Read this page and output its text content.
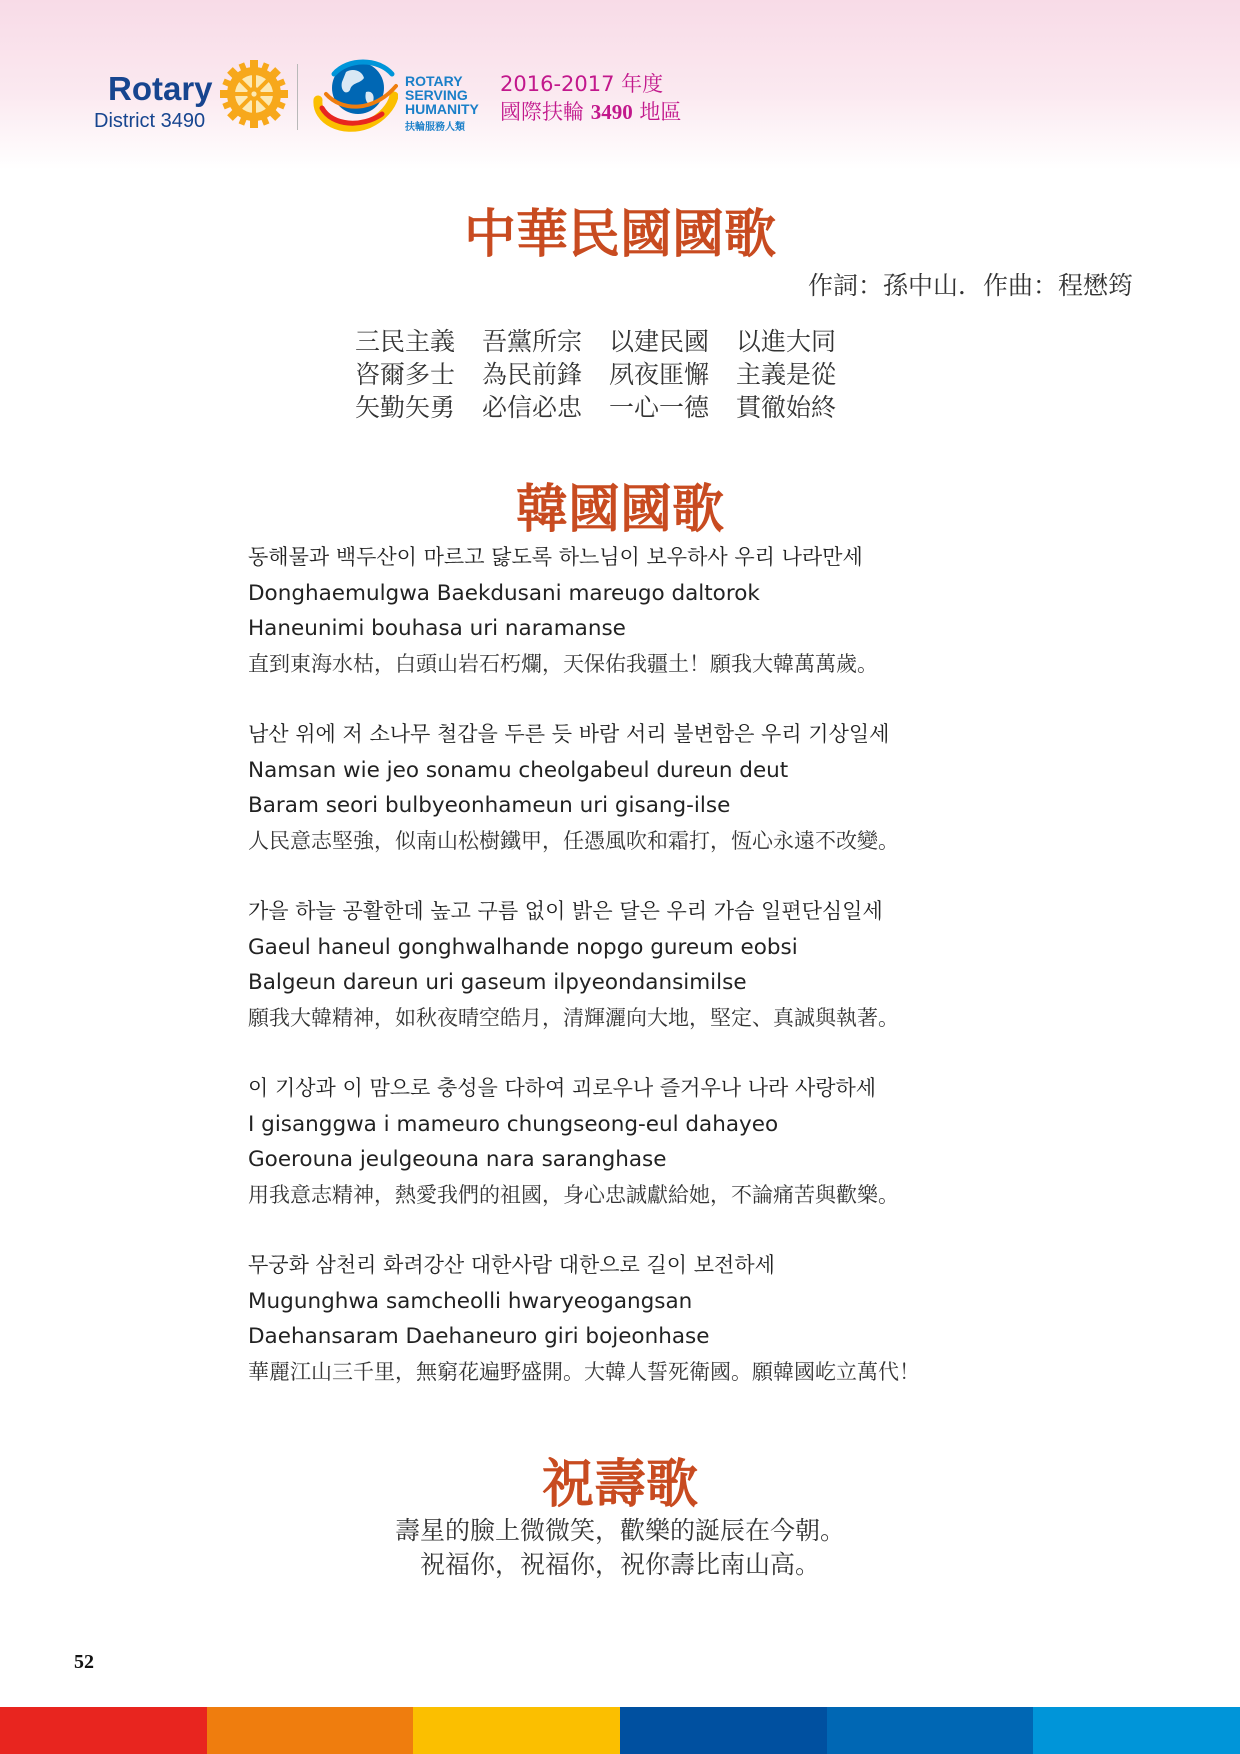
Rotary
District 3490
ROTARY
SERVING
HUMANITY
扶輪服務人類
2016-2017 年度
國際扶輪 3490 地區
中華民國國歌
作詞：孫中山．作曲：程懋筠
三民主義 吾黨所宗 以建民國 以進大同
咨爾多士 為民前鋒 夙夜匪懈 主義是從
矢勤矢勇 必信必忠 一心一德 貫徹始終
韓國國歌
동해물과 백두산이 마르고 닳도록 하느님이 보우하사 우리 나라만세
Donghaemulgwa Baekdusani mareugo daltorok
Haneunimi bouhasa uri naramanse
直到東海水枯，白頭山岩石朽爛，天保佑我疆土！願我大韓萬萬歲。
남산 위에 저 소나무 철갑을 두른 듯 바람 서리 불변함은 우리 기상일세
Namsan wie jeo sonamu cheolgabeul dureun deut
Baram seori bulbyeonhameun uri gisang-ilse
人民意志堅強，似南山松樹鐵甲，任憑風吹和霜打，恆心永遠不改變。
가을 하늘 공활한데 높고 구름 없이 밝은 달은 우리 가슴 일편단심일세
Gaeul haneul gonghwalhande nopgo gureum eobsi
Balgeun dareun uri gaseum ilpyeondansimilse
願我大韓精神，如秋夜晴空皓月，清輝灑向大地，堅定、真誠與執著。
이 기상과 이 맘으로 충성을 다하여 괴로우나 즐거우나 나라 사랑하세
I gisanggwa i mameuro chungseong-eul dahayeo
Goerouna jeulgeouna nara saranghase
用我意志精神，熱愛我們的祖國，身心忠誠獻給她，不論痛苦與歡樂。
무궁화 삼천리 화려강산 대한사람 대한으로 길이 보전하세
Mugunghwa samcheolli hwaryeogangsan
Daehansaram Daehaneuro giri bojeonhase
華麗江山三千里，無窮花遍野盛開。大韓人誓死衛國。願韓國屹立萬代！
祝壽歌
壽星的臉上微微笑，歡樂的誕辰在今朝。
祝福你，祝福你，祝你壽比南山高。
52
